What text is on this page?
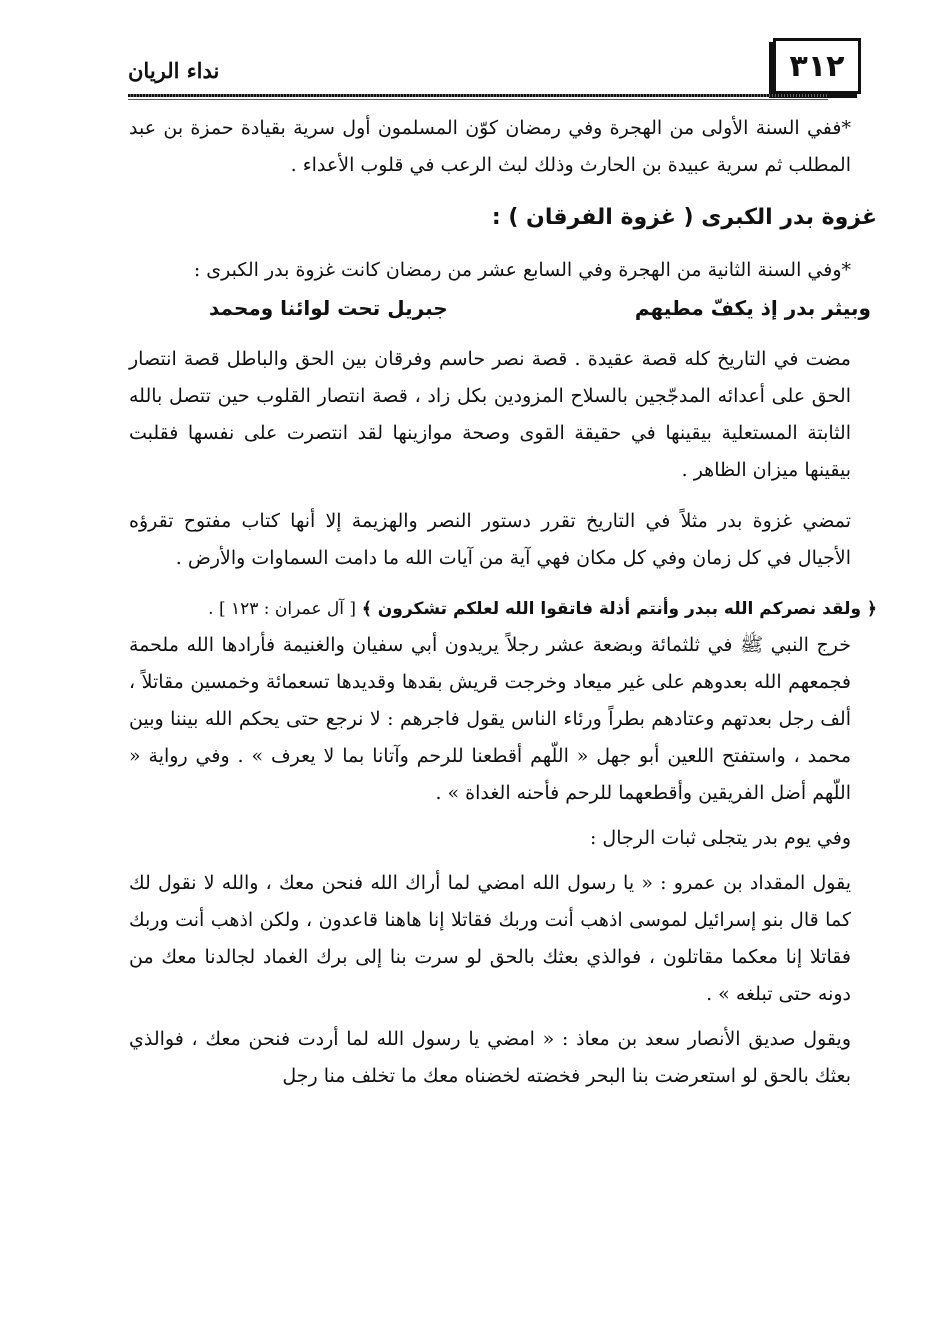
٣١٢
نداء الريان

*ففي السنة الأولى من الهجرة وفي رمضان كوّن المسلمون أول سرية بقيادة حمزة بن عبد المطلب ثم سرية عبيدة بن الحارث وذلك لبث الرعب في قلوب الأعداء .

غزوة بدر الكبرى ( غزوة الفرقان ) :

*وفي السنة الثانية من الهجرة وفي السابع عشر من رمضان كانت غزوة بدر الكبرى :

وبيثر بدر إذ يكفّ مطيهم
جبريل تحت لوائنا ومحمد

مضت في التاريخ كله قصة عقيدة . قصة نصر حاسم وفرقان بين الحق والباطل قصة انتصار الحق على أعدائه المدجّجين بالسلاح المزودين بكل زاد ، قصة انتصار القلوب حين تتصل بالله الثابتة المستعلية بيقينها في حقيقة القوى وصحة موازينها لقد انتصرت على نفسها فقلبت بيقينها ميزان الظاهر .

تمضي غزوة بدر مثلاً في التاريخ تقرر دستور النصر والهزيمة إلا أنها كتاب مفتوح تقرؤه الأجيال في كل زمان وفي كل مكان فهي آية من آيات الله ما دامت السماوات والأرض .

﴿ ولقد نصركم الله ببدر وأنتم أذلة فاتقوا الله لعلكم تشكرون ﴾ [ آل عمران : ١٢٣ ] .

خرج النبي ﷺ في ثلثمائة وبضعة عشر رجلاً يريدون أبي سفيان والغنيمة فأرادها الله ملحمة فجمعهم الله بعدوهم على غير ميعاد وخرجت قريش بقدها وقديدها تسعمائة وخمسين مقاتلاً ، ألف رجل بعدتهم وعتادهم بطراً ورئاء الناس يقول فاجرهم : لا نرجع حتى يحكم الله بيننا وبين محمد ، واستفتح اللعين أبو جهل « اللّهم أقطعنا للرحم وآتانا بما لا يعرف » . وفي رواية « اللّهم أضل الفريقين وأقطعهما للرحم فأحنه الغداة » .

وفي يوم بدر يتجلى ثبات الرجال :

يقول المقداد بن عمرو : « يا رسول الله امضي لما أراك الله فنحن معك ، والله لا نقول لك كما قال بنو إسرائيل لموسى اذهب أنت وربك فقاتلا إنا هاهنا قاعدون ، ولكن اذهب أنت وربك فقاتلا إنا معكما مقاتلون ، فوالذي بعثك بالحق لو سرت بنا إلى برك الغماد لجالدنا معك من دونه حتى تبلغه » .

ويقول صديق الأنصار سعد بن معاذ : « امضي يا رسول الله لما أردت فنحن معك ، فوالذي بعثك بالحق لو استعرضت بنا البحر فخضته لخضناه معك ما تخلف منا رجل
